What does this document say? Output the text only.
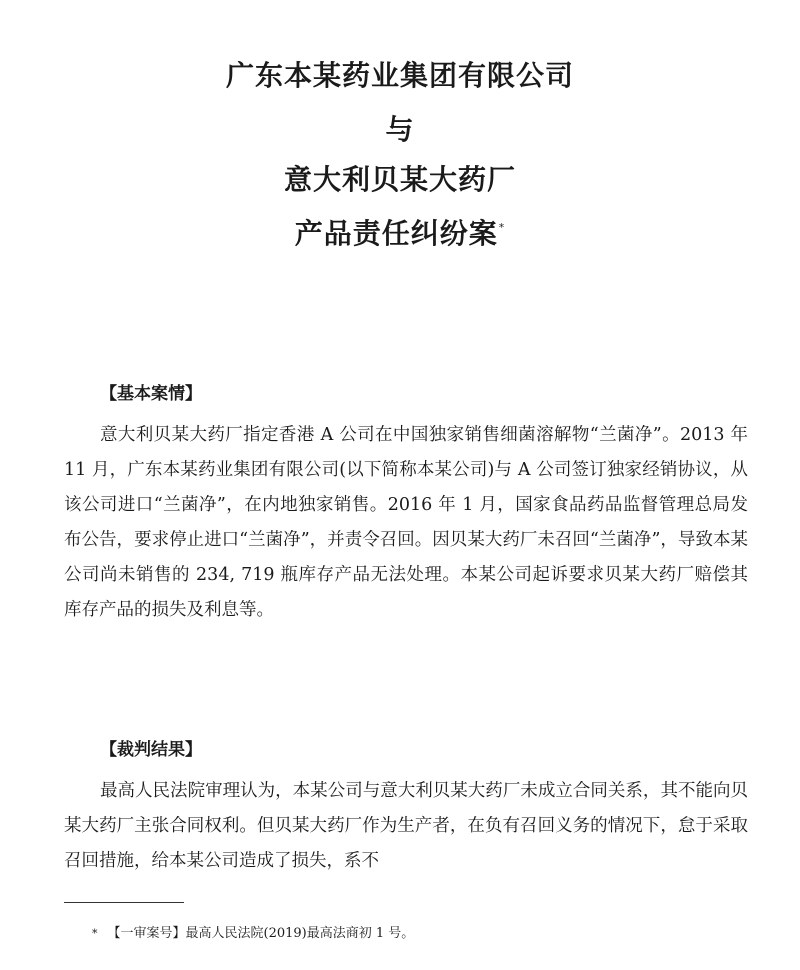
广东本某药业集团有限公司
与
意大利贝某大药厂
产品责任纠纷案*
【基本案情】
意大利贝某大药厂指定香港 A 公司在中国独家销售细菌溶解物“兰菌净”。2013 年 11 月，广东本某药业集团有限公司(以下简称本某公司)与 A 公司签订独家经销协议，从该公司进口“兰菌净”，在内地独家销售。2016 年 1 月，国家食品药品监督管理总局发布公告，要求停止进口“兰菌净”，并责令召回。因贝某大药厂未召回“兰菌净”，导致本某公司尚未销售的 234, 719 瓶库存产品无法处理。本某公司起诉要求贝某大药厂赔偿其库存产品的损失及利息等。
【裁判结果】
最高人民法院审理认为，本某公司与意大利贝某大药厂未成立合同关系，其不能向贝某大药厂主张合同权利。但贝某大药厂作为生产者，在负有召回义务的情况下，怠于采取召回措施，给本某公司造成了损失，系不
* 【一审案号】最高人民法院(2019)最高法商初 1 号。
